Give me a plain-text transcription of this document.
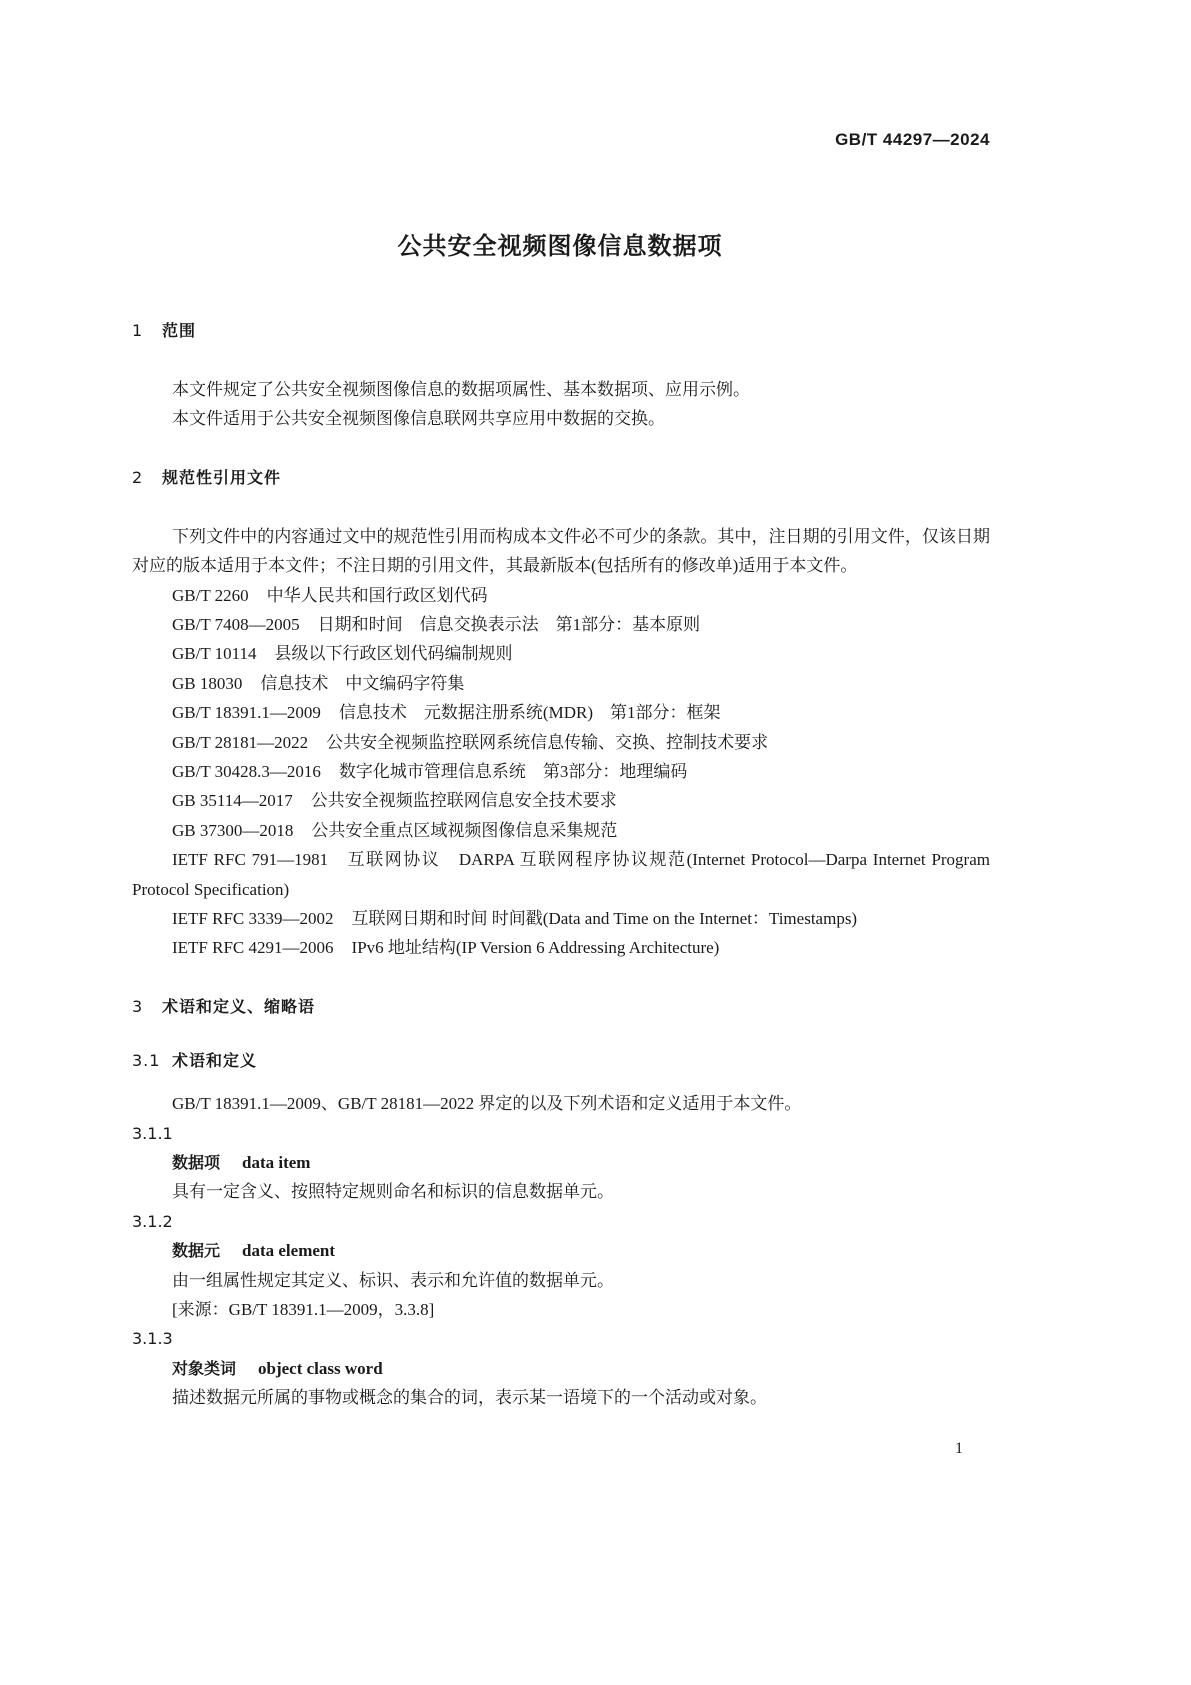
GB/T 44297—2024
公共安全视频图像信息数据项
1 范围
本文件规定了公共安全视频图像信息的数据项属性、基本数据项、应用示例。
本文件适用于公共安全视频图像信息联网共享应用中数据的交换。
2 规范性引用文件
下列文件中的内容通过文中的规范性引用而构成本文件必不可少的条款。其中，注日期的引用文件，仅该日期对应的版本适用于本文件；不注日期的引用文件，其最新版本(包括所有的修改单)适用于本文件。
GB/T 2260 中华人民共和国行政区划代码
GB/T 7408—2005 日期和时间　信息交换表示法　第1部分：基本原则
GB/T 10114 县级以下行政区划代码编制规则
GB 18030 信息技术　中文编码字符集
GB/T 18391.1—2009 信息技术　元数据注册系统(MDR)　第1部分：框架
GB/T 28181—2022 公共安全视频监控联网系统信息传输、交换、控制技术要求
GB/T 30428.3—2016 数字化城市管理信息系统　第3部分：地理编码
GB 35114—2017 公共安全视频监控联网信息安全技术要求
GB 37300—2018 公共安全重点区域视频图像信息采集规范
IETF RFC 791—1981 互联网协议　DARPA 互联网程序协议规范(Internet Protocol—Darpa Internet Program Protocol Specification)
IETF RFC 3339—2002 互联网日期和时间 时间戳(Data and Time on the Internet：Timestamps)
IETF RFC 4291—2006 IPv6 地址结构(IP Version 6 Addressing Architecture)
3 术语和定义、缩略语
3.1 术语和定义
GB/T 18391.1—2009、GB/T 28181—2022 界定的以及下列术语和定义适用于本文件。
3.1.1
数据项 data item
具有一定含义、按照特定规则命名和标识的信息数据单元。
3.1.2
数据元 data element
由一组属性规定其定义、标识、表示和允许值的数据单元。
[来源：GB/T 18391.1—2009，3.3.8]
3.1.3
对象类词 object class word
描述数据元所属的事物或概念的集合的词，表示某一语境下的一个活动或对象。
1
